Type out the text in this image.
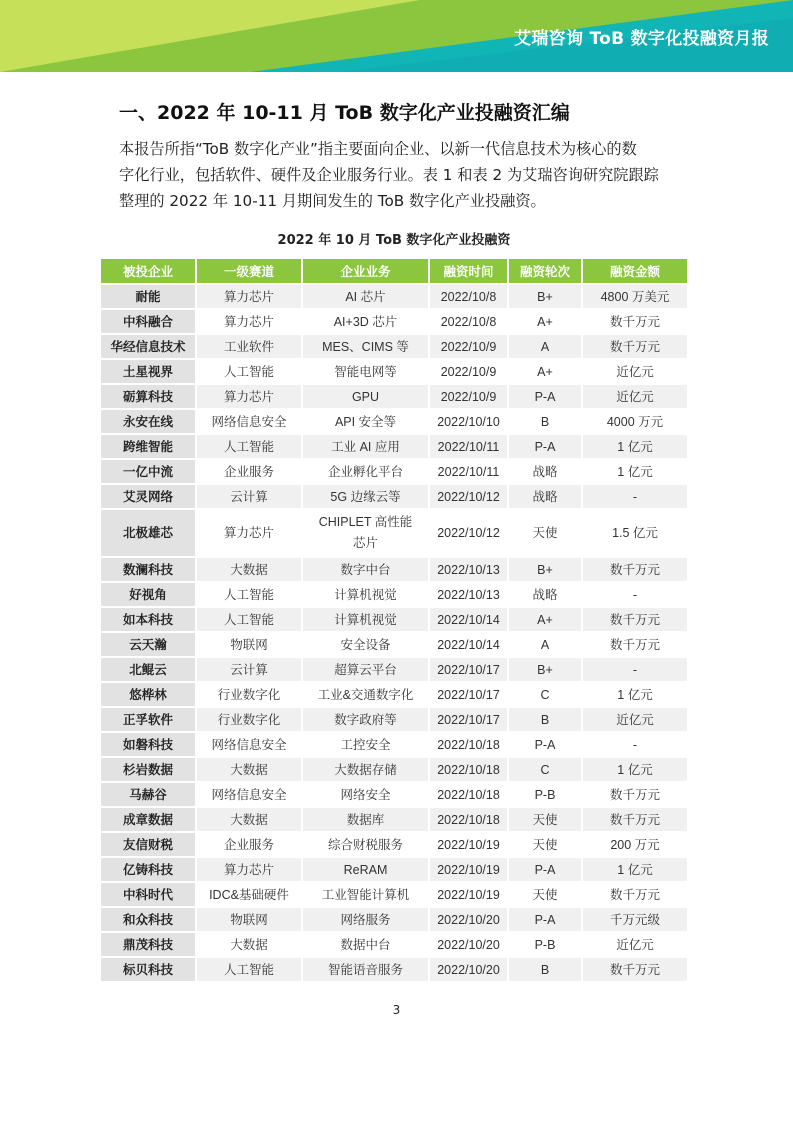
艾瑞咨询 ToB 数字化投融资月报
一、2022 年 10-11 月 ToB 数字化产业投融资汇编

本报告所指“ToB 数字化产业”指主要面向企业、以新一代信息技术为核心的数

字化行业，包括软件、硬件及企业服务行业。表 1 和表 2 为艾瑞咨询研究院跟踪

整理的 2022 年 10-11 月期间发生的 ToB 数字化产业投融资。

2022 年 10 月 ToB 数字化产业投融资
被投企业	一级赛道	企业业务	融资时间	融资轮次	融资金额
耐能	算力芯片	AI 芯片	2022/10/8	B+	4800 万美元
中科融合	算力芯片	AI+3D 芯片	2022/10/8	A+	数千万元
华经信息技术	工业软件	MES、CIMS 等	2022/10/9	A	数千万元
土星视界	人工智能	智能电网等	2022/10/9	A+	近亿元
砺算科技	算力芯片	GPU	2022/10/9	P-A	近亿元
永安在线	网络信息安全	API 安全等	2022/10/10	B	4000 万元
跨维智能	人工智能	工业 AI 应用	2022/10/11	P-A	1 亿元
一亿中流	企业服务	企业孵化平台	2022/10/11	战略	1 亿元
艾灵网络	云计算	5G 边缘云等	2022/10/12	战略	-
北极雄芯	算力芯片	CHIPLET 高性能芯片	2022/10/12	天使	1.5 亿元
数澜科技	大数据	数字中台	2022/10/13	B+	数千万元
好视角	人工智能	计算机视觉	2022/10/13	战略	-
如本科技	人工智能	计算机视觉	2022/10/14	A+	数千万元
云天瀚	物联网	安全设备	2022/10/14	A	数千万元
北鲲云	云计算	超算云平台	2022/10/17	B+	-
悠桦林	行业数字化	工业&交通数字化	2022/10/17	C	1 亿元
正孚软件	行业数字化	数字政府等	2022/10/17	B	近亿元
如磐科技	网络信息安全	工控安全	2022/10/18	P-A	-
杉岩数据	大数据	大数据存储	2022/10/18	C	1 亿元
马赫谷	网络信息安全	网络安全	2022/10/18	P-B	数千万元
成章数据	大数据	数据库	2022/10/18	天使	数千万元
友信财税	企业服务	综合财税服务	2022/10/19	天使	200 万元
亿铸科技	算力芯片	ReRAM	2022/10/19	P-A	1 亿元
中科时代	IDC&基础硬件	工业智能计算机	2022/10/19	天使	数千万元
和众科技	物联网	网络服务	2022/10/20	P-A	千万元级
鼎茂科技	大数据	数据中台	2022/10/20	P-B	近亿元
标贝科技	人工智能	智能语音服务	2022/10/20	B	数千万元
3
